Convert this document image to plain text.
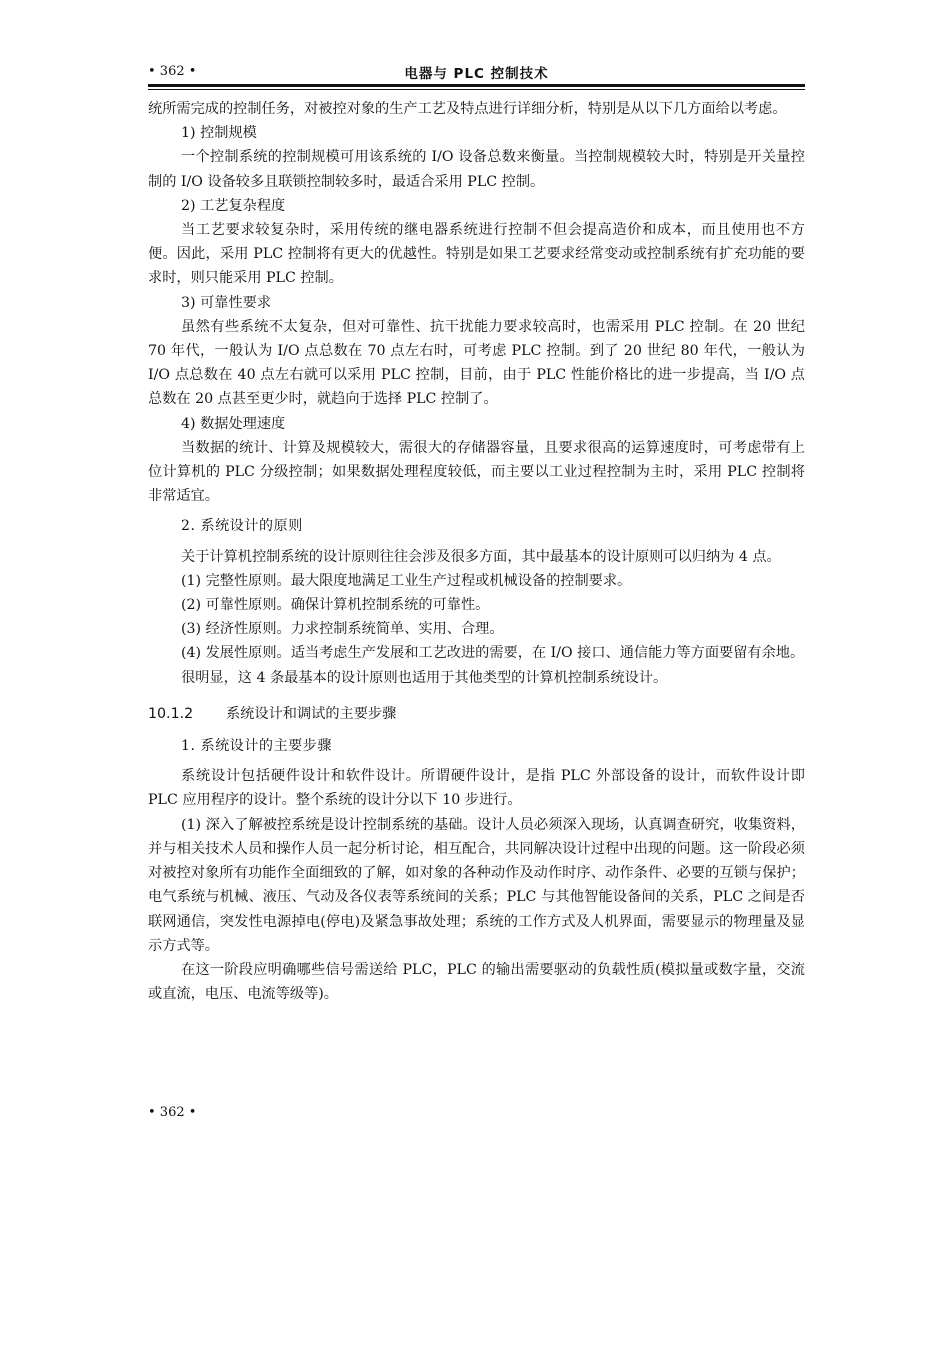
• 362 •	电器与 PLC 控制技术

统所需完成的控制任务，对被控对象的生产工艺及特点进行详细分析，特别是从以下几方面给以考虑。

1) 控制规模

一个控制系统的控制规模可用该系统的 I/O 设备总数来衡量。当控制规模较大时，特别是开关量控制的 I/O 设备较多且联锁控制较多时，最适合采用 PLC 控制。

2) 工艺复杂程度

当工艺要求较复杂时，采用传统的继电器系统进行控制不但会提高造价和成本，而且使用也不方便。因此，采用 PLC 控制将有更大的优越性。特别是如果工艺要求经常变动或控制系统有扩充功能的要求时，则只能采用 PLC 控制。

3) 可靠性要求

虽然有些系统不太复杂，但对可靠性、抗干扰能力要求较高时，也需采用 PLC 控制。在 20 世纪 70 年代，一般认为 I/O 点总数在 70 点左右时，可考虑 PLC 控制。到了 20 世纪 80 年代，一般认为 I/O 点总数在 40 点左右就可以采用 PLC 控制，目前，由于 PLC 性能价格比的进一步提高，当 I/O 点总数在 20 点甚至更少时，就趋向于选择 PLC 控制了。

4) 数据处理速度

当数据的统计、计算及规模较大，需很大的存储器容量，且要求很高的运算速度时，可考虑带有上位计算机的 PLC 分级控制；如果数据处理程度较低，而主要以工业过程控制为主时，采用 PLC 控制将非常适宜。

2. 系统设计的原则

关于计算机控制系统的设计原则往往会涉及很多方面，其中最基本的设计原则可以归纳为 4 点。

(1) 完整性原则。最大限度地满足工业生产过程或机械设备的控制要求。

(2) 可靠性原则。确保计算机控制系统的可靠性。

(3) 经济性原则。力求控制系统简单、实用、合理。

(4) 发展性原则。适当考虑生产发展和工艺改进的需要，在 I/O 接口、通信能力等方面要留有余地。

很明显，这 4 条最基本的设计原则也适用于其他类型的计算机控制系统设计。

10.1.2 系统设计和调试的主要步骤

1. 系统设计的主要步骤

系统设计包括硬件设计和软件设计。所谓硬件设计，是指 PLC 外部设备的设计，而软件设计即 PLC 应用程序的设计。整个系统的设计分以下 10 步进行。

(1) 深入了解被控系统是设计控制系统的基础。设计人员必须深入现场，认真调查研究，收集资料，并与相关技术人员和操作人员一起分析讨论，相互配合，共同解决设计过程中出现的问题。这一阶段必须对被控对象所有功能作全面细致的了解，如对象的各种动作及动作时序、动作条件、必要的互锁与保护；电气系统与机械、液压、气动及各仪表等系统间的关系；PLC 与其他智能设备间的关系，PLC 之间是否联网通信，突发性电源掉电(停电)及紧急事故处理；系统的工作方式及人机界面，需要显示的物理量及显示方式等。

在这一阶段应明确哪些信号需送给 PLC，PLC 的输出需要驱动的负载性质(模拟量或数字量，交流或直流，电压、电流等级等)。

• 362 •
